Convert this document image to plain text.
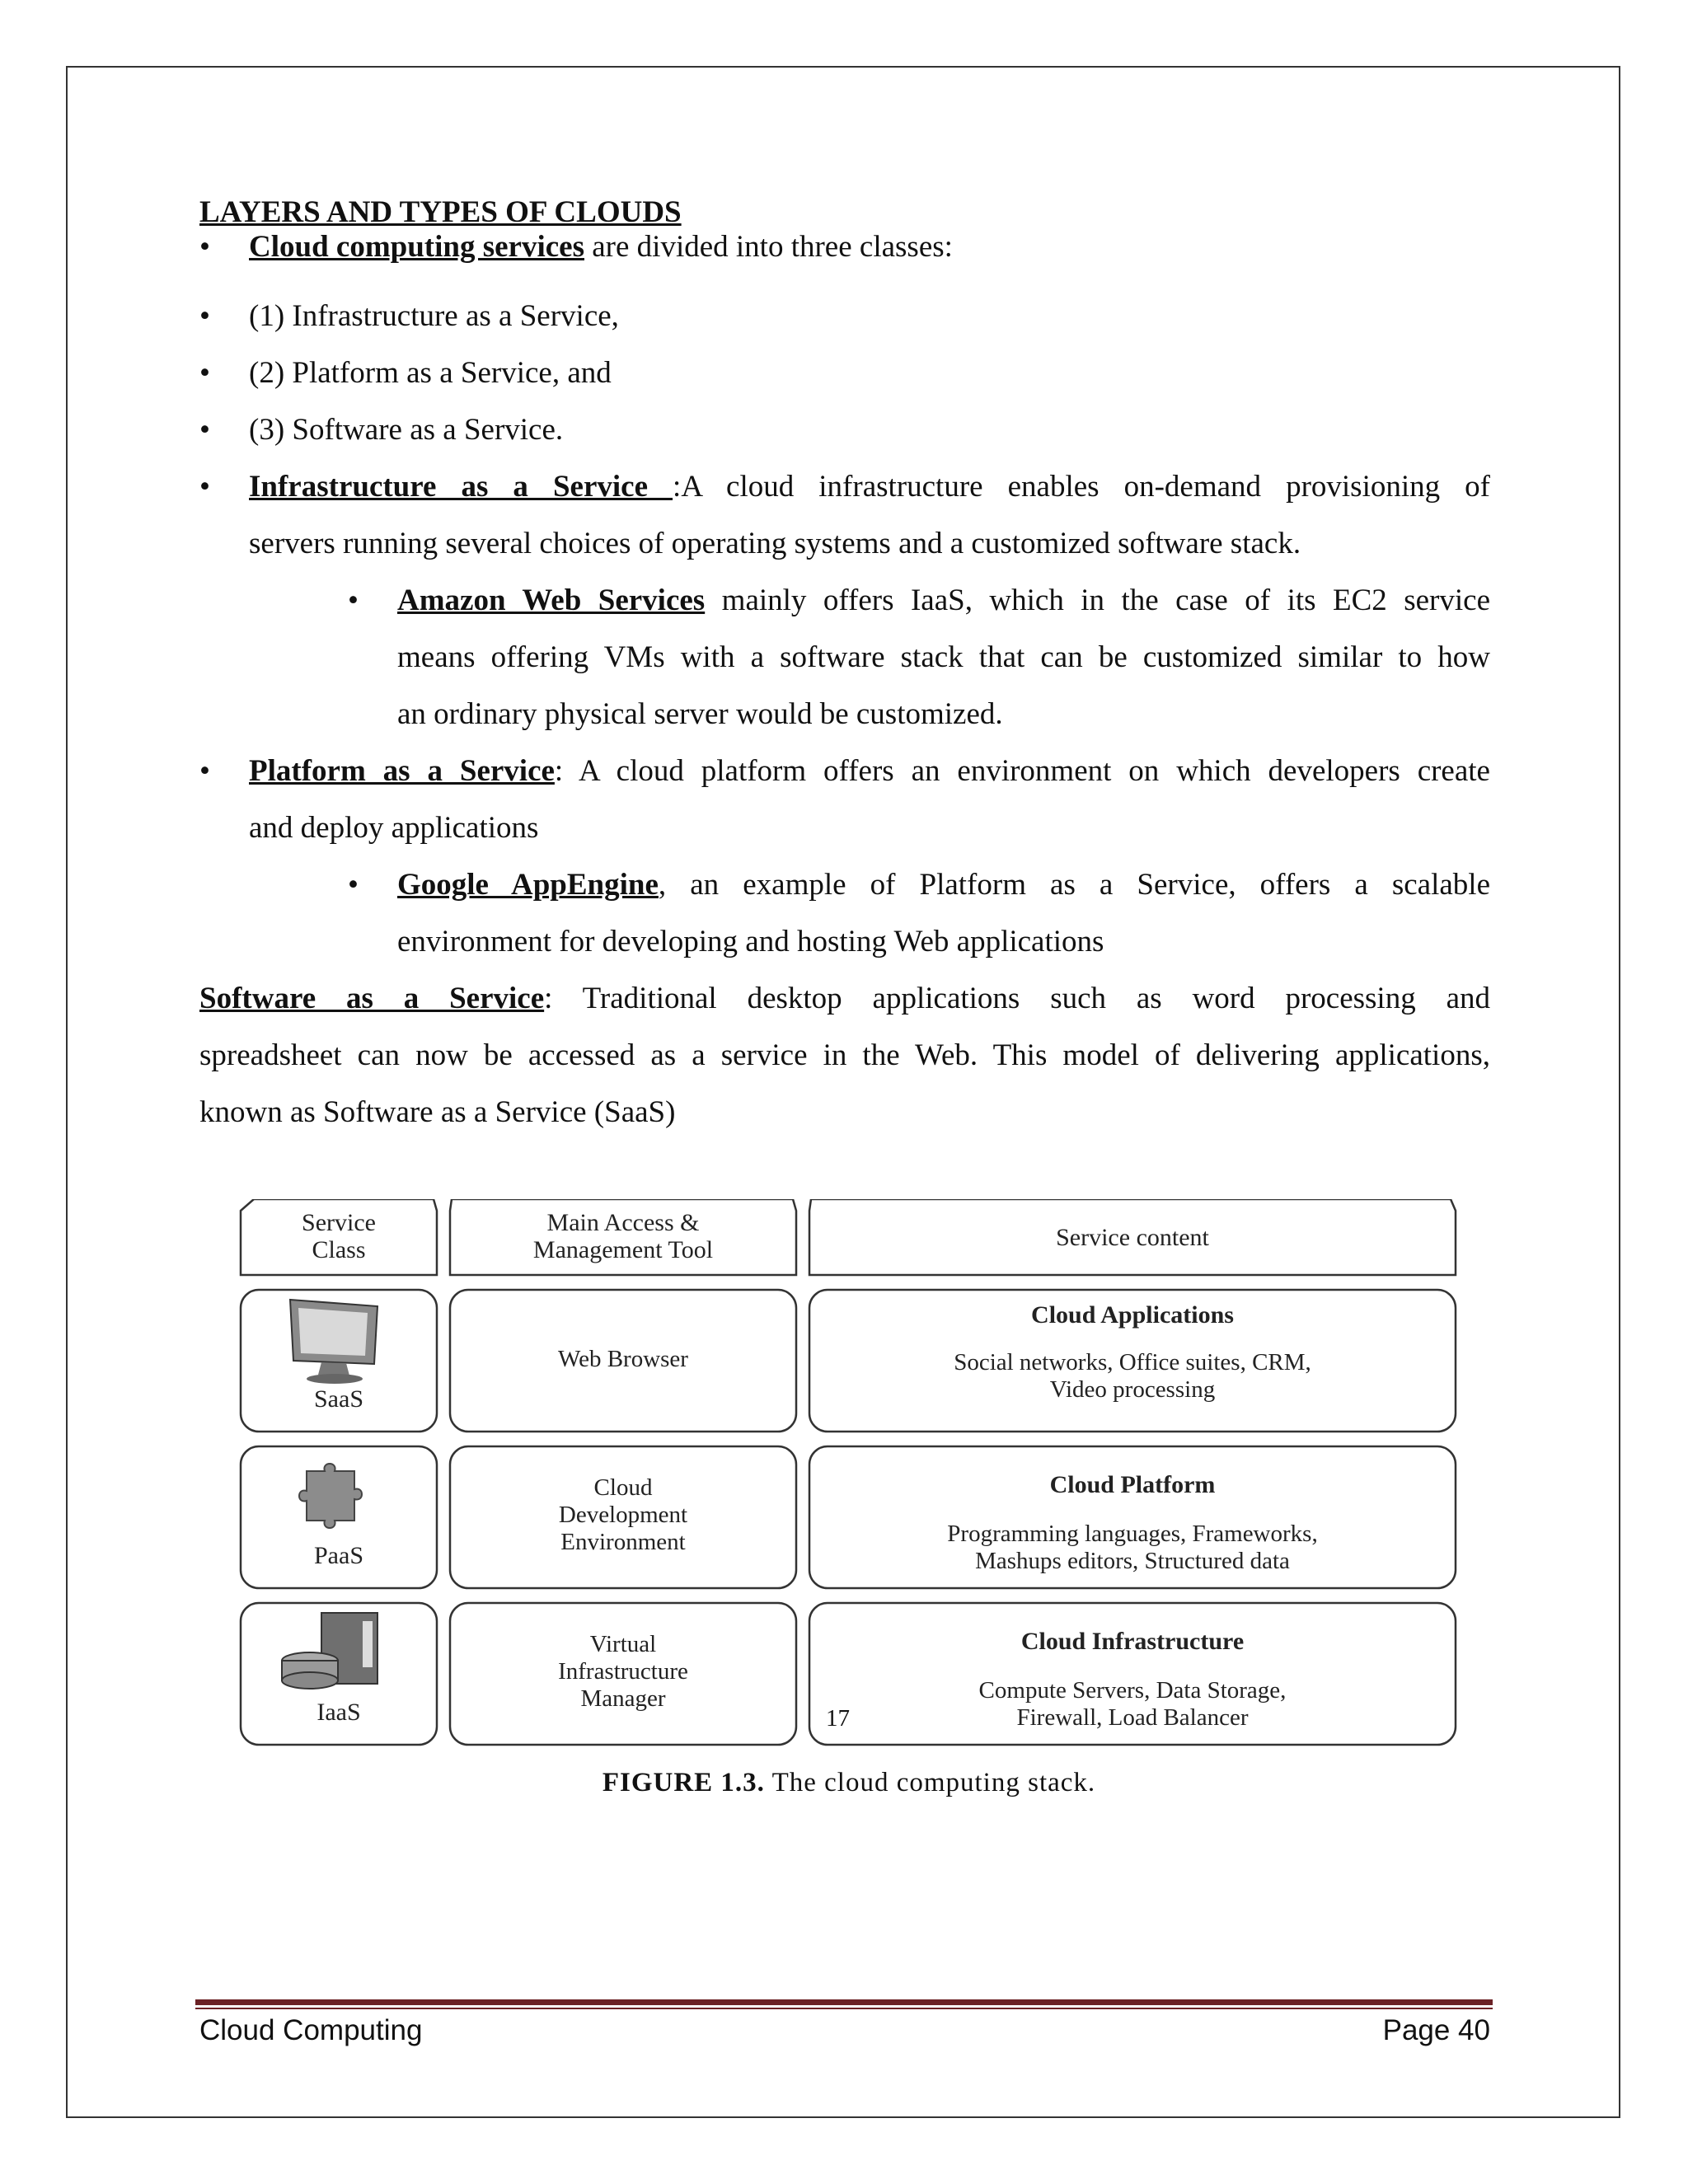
LAYERS AND TYPES OF CLOUDS
• Cloud computing services are divided into three classes:
• (1) Infrastructure as a Service,
• (2) Platform as a Service, and
• (3) Software as a Service.
• Infrastructure as a Service :A cloud infrastructure enables on-demand provisioning of
servers running several choices of operating systems and a customized software stack.
• Amazon Web Services mainly offers IaaS, which in the case of its EC2 service
means offering VMs with a software stack that can be customized similar to how
an ordinary physical server would be customized.
• Platform as a Service: A cloud platform offers an environment on which developers create
and deploy applications
• Google AppEngine, an example of Platform as a Service, offers a scalable
environment for developing and hosting Web applications
Software as a Service: Traditional desktop applications such as word processing and
spreadsheet can now be accessed as a service in the Web. This model of delivering applications,
known as Software as a Service (SaaS)
Service
Class
Main Access &
Management Tool	Service content
SaaS
Web Browser
Cloud Applications
Social networks, Office suites, CRM,
Video processing
PaaS
Cloud
Development
Environment
Cloud Platform
Programming languages, Frameworks,
Mashups editors, Structured data
IaaS
Virtual
Infrastructure
Manager
Cloud Infrastructure
Compute Servers, Data Storage,
Firewall, Load Balancer
17
FIGURE 1.3. The cloud computing stack.
Cloud Computing	Page 40
